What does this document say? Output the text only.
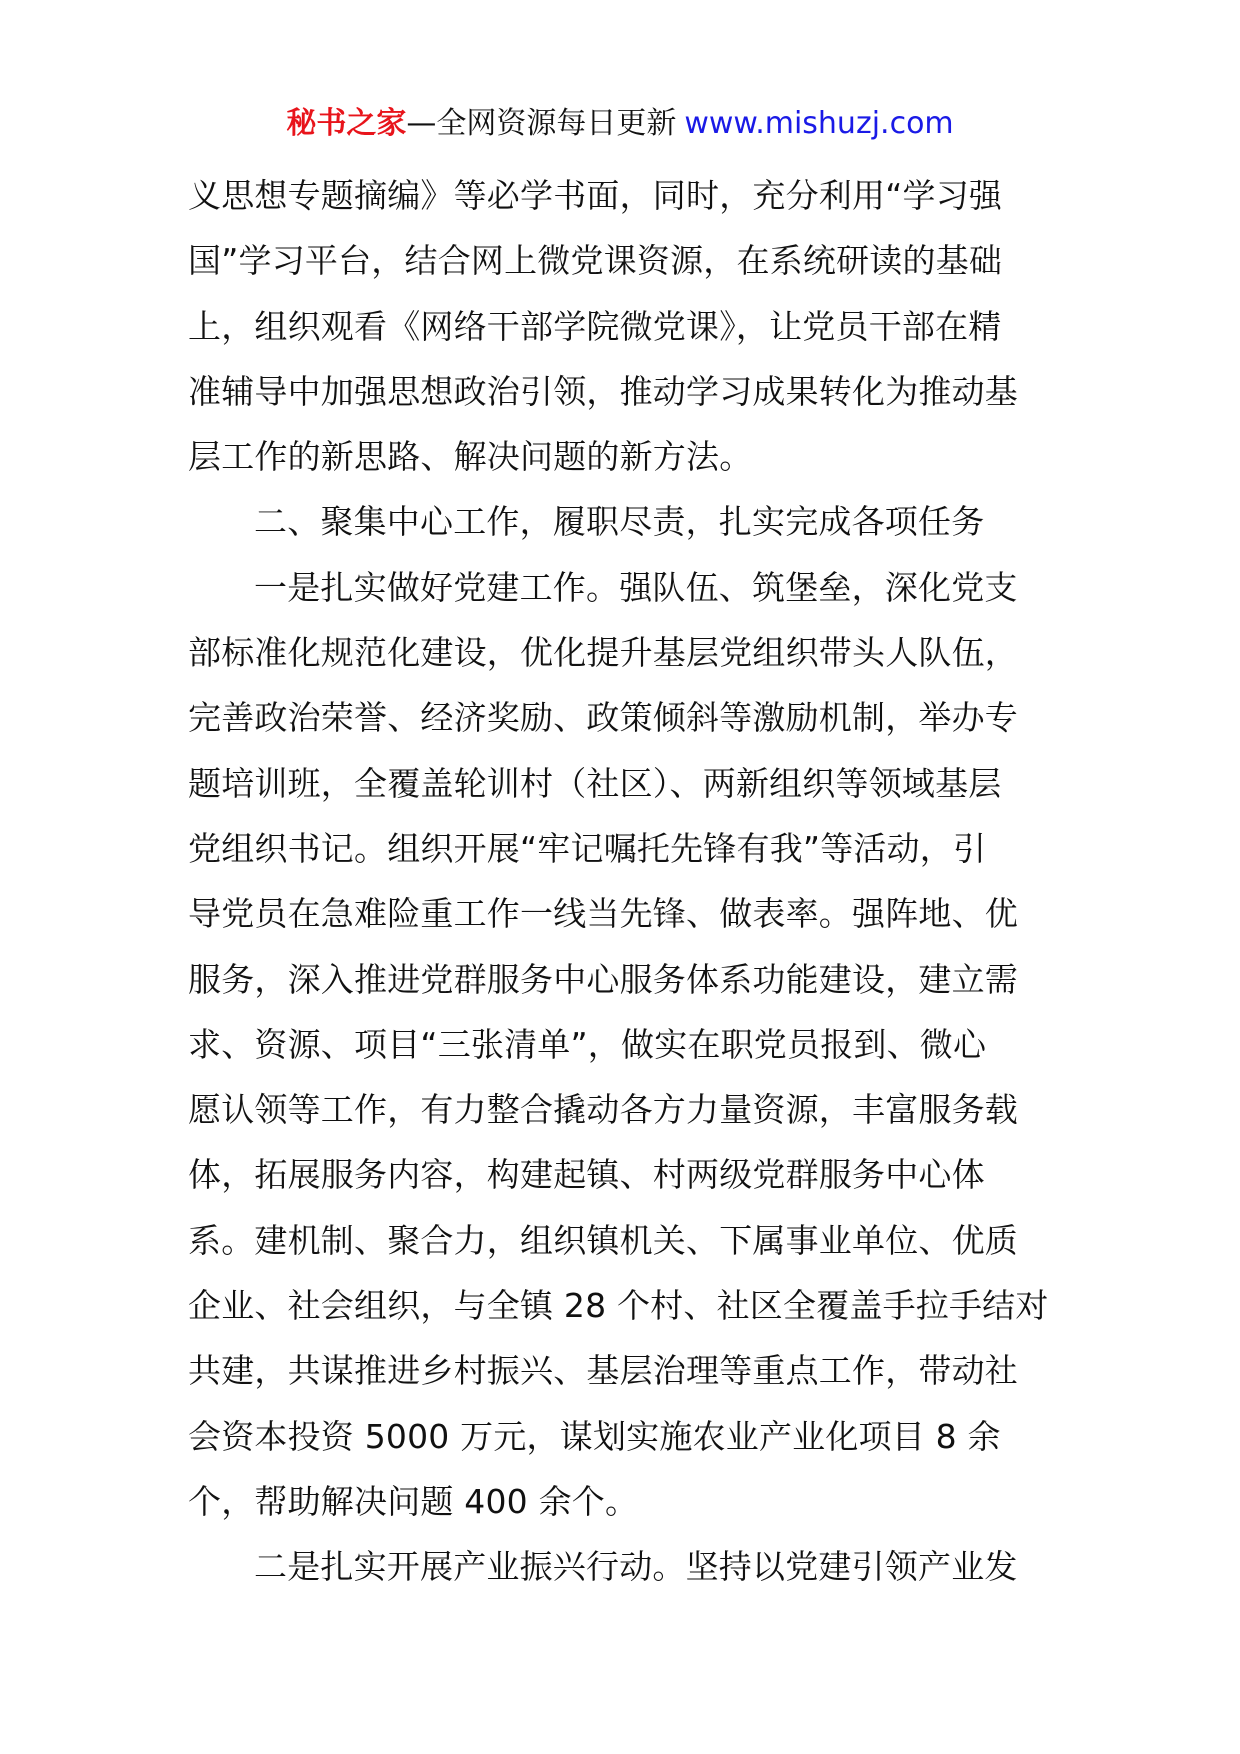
秘书之家—全网资源每日更新 www.mishuzj.com
义思想专题摘编》等必学书面，同时，充分利用“学习强
国”学习平台，结合网上微党课资源，在系统研读的基础
上，组织观看《网络干部学院微党课》，让党员干部在精
准辅导中加强思想政治引领，推动学习成果转化为推动基
层工作的新思路、解决问题的新方法。
二、聚集中心工作，履职尽责，扎实完成各项任务
一是扎实做好党建工作。强队伍、筑堡垒，深化党支
部标准化规范化建设，优化提升基层党组织带头人队伍，
完善政治荣誉、经济奖励、政策倾斜等激励机制，举办专
题培训班，全覆盖轮训村（社区）、两新组织等领域基层
党组织书记。组织开展“牢记嘱托先锋有我”等活动，引
导党员在急难险重工作一线当先锋、做表率。强阵地、优
服务，深入推进党群服务中心服务体系功能建设，建立需
求、资源、项目“三张清单”，做实在职党员报到、微心
愿认领等工作，有力整合撬动各方力量资源，丰富服务载
体，拓展服务内容，构建起镇、村两级党群服务中心体
系。建机制、聚合力，组织镇机关、下属事业单位、优质
企业、社会组织，与全镇 28 个村、社区全覆盖手拉手结对
共建，共谋推进乡村振兴、基层治理等重点工作，带动社
会资本投资 5000 万元，谋划实施农业产业化项目 8 余
个，帮助解决问题 400 余个。
二是扎实开展产业振兴行动。坚持以党建引领产业发
